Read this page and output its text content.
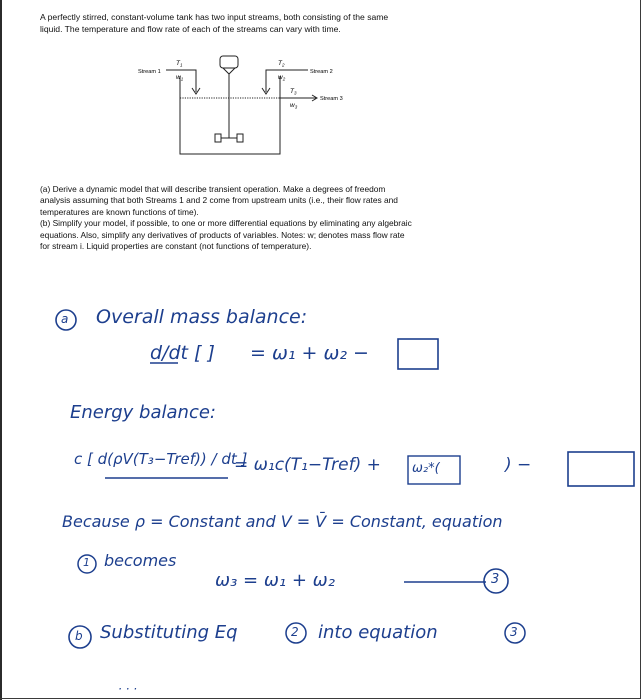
A perfectly stirred, constant-volume tank has two input streams, both consisting of the same liquid. The temperature and flow rate of each of the streams can vary with time.

Stream 1
$T_1$
$w_1$
Stream 2
$T_2$
$w_2$
Stream 3
$T_3$
$w_3$

(a) Derive a dynamic model that will describe transient operation. Make a degrees of freedom analysis assuming that both Streams 1 and 2 come from upstream units (i.e., their flow rates and temperatures are known functions of time).

(b) Simplify your model, if possible, to one or more differential equations by eliminating any algebraic equations. Also, simplify any derivatives of products of variables. Notes: w; denotes mass flow rate for stream i. Liquid properties are constant (not functions of temperature).

a Overall mass balance:
d/dt [ ] = ω₁ + ω₂ −
Energy balance:
c [ d(ρV(T₃−Tref)) / dt ]
= ω₁c(T₁−Tref) + ω₂*(	) −
Because ρ = Constant and V = V̄ = Constant, equation
1 becomes
ω₃ = ω₁ + ω₂	3
b Substituting Eq	2 into equation	3
· · ·
